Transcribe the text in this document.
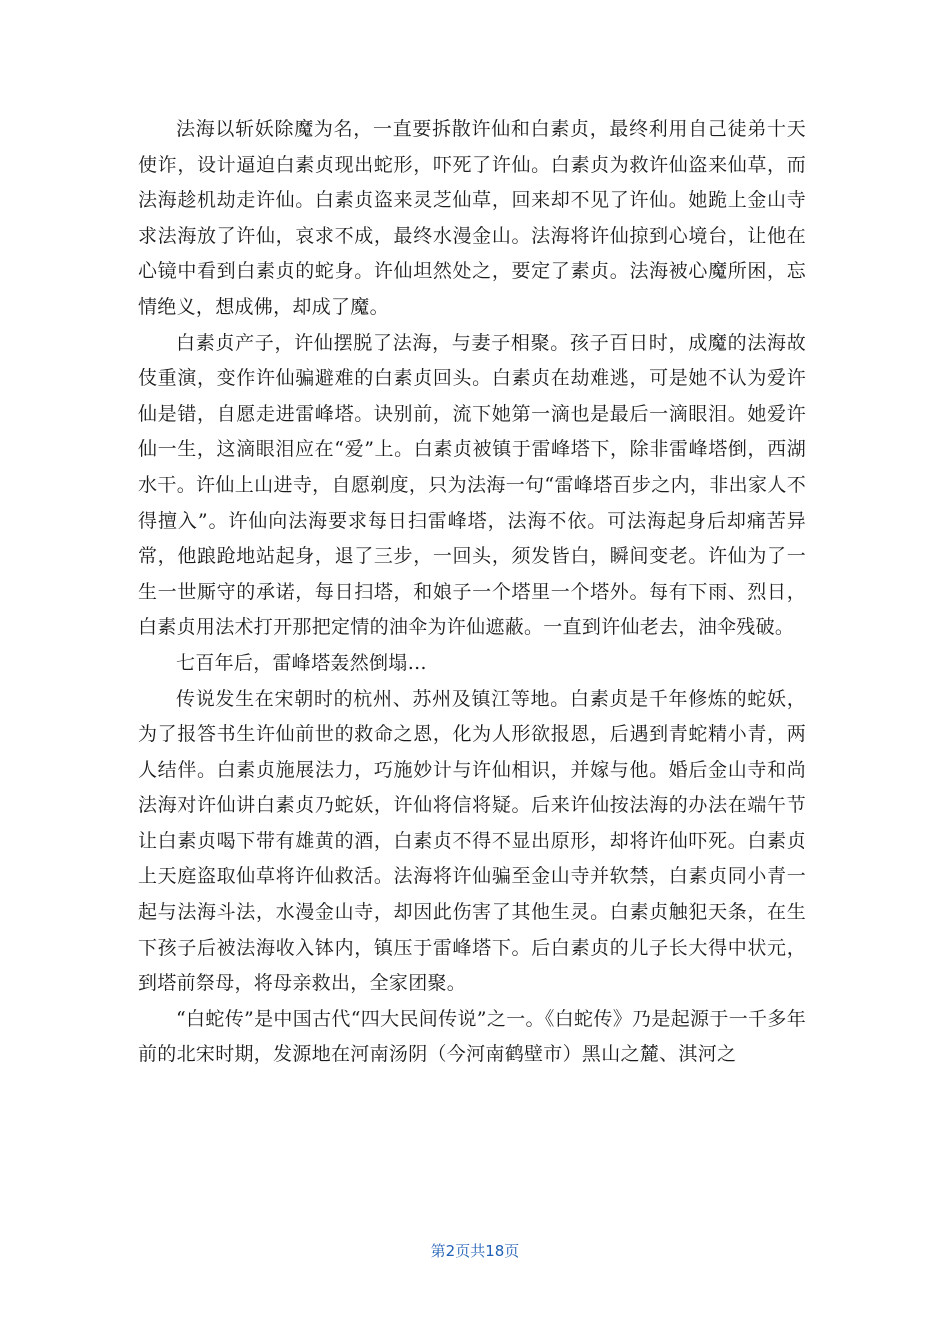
法海以斩妖除魔为名，一直要拆散许仙和白素贞，最终利用自己徒弟十天使诈，设计逼迫白素贞现出蛇形，吓死了许仙。白素贞为救许仙盗来仙草，而法海趁机劫走许仙。白素贞盗来灵芝仙草，回来却不见了许仙。她跪上金山寺求法海放了许仙，哀求不成，最终水漫金山。法海将许仙掠到心境台，让他在心镜中看到白素贞的蛇身。许仙坦然处之，要定了素贞。法海被心魔所困，忘情绝义，想成佛，却成了魔。

白素贞产子，许仙摆脱了法海，与妻子相聚。孩子百日时，成魔的法海故伎重演，变作许仙骗避难的白素贞回头。白素贞在劫难逃，可是她不认为爱许仙是错，自愿走进雷峰塔。诀别前，流下她第一滴也是最后一滴眼泪。她爱许仙一生，这滴眼泪应在“爱”上。白素贞被镇于雷峰塔下，除非雷峰塔倒，西湖水干。许仙上山进寺，自愿剃度，只为法海一句“雷峰塔百步之内，非出家人不得擅入”。许仙向法海要求每日扫雷峰塔，法海不依。可法海起身后却痛苦异常，他踉跄地站起身，退了三步，一回头，须发皆白，瞬间变老。许仙为了一生一世厮守的承诺，每日扫塔，和娘子一个塔里一个塔外。每有下雨、烈日，白素贞用法术打开那把定情的油伞为许仙遮蔽。一直到许仙老去，油伞残破。

七百年后，雷峰塔轰然倒塌…

传说发生在宋朝时的杭州、苏州及镇江等地。白素贞是千年修炼的蛇妖，为了报答书生许仙前世的救命之恩，化为人形欲报恩，后遇到青蛇精小青，两人结伴。白素贞施展法力，巧施妙计与许仙相识，并嫁与他。婚后金山寺和尚法海对许仙讲白素贞乃蛇妖，许仙将信将疑。后来许仙按法海的办法在端午节让白素贞喝下带有雄黄的酒，白素贞不得不显出原形，却将许仙吓死。白素贞上天庭盗取仙草将许仙救活。法海将许仙骗至金山寺并软禁，白素贞同小青一起与法海斗法，水漫金山寺，却因此伤害了其他生灵。白素贞触犯天条，在生下孩子后被法海收入钵内，镇压于雷峰塔下。后白素贞的儿子长大得中状元，到塔前祭母，将母亲救出，全家团聚。

“白蛇传”是中国古代“四大民间传说”之一。《白蛇传》乃是起源于一千多年前的北宋时期，发源地在河南汤阴（今河南鹤壁市）黑山之麓、淇河之

第2页共18页
